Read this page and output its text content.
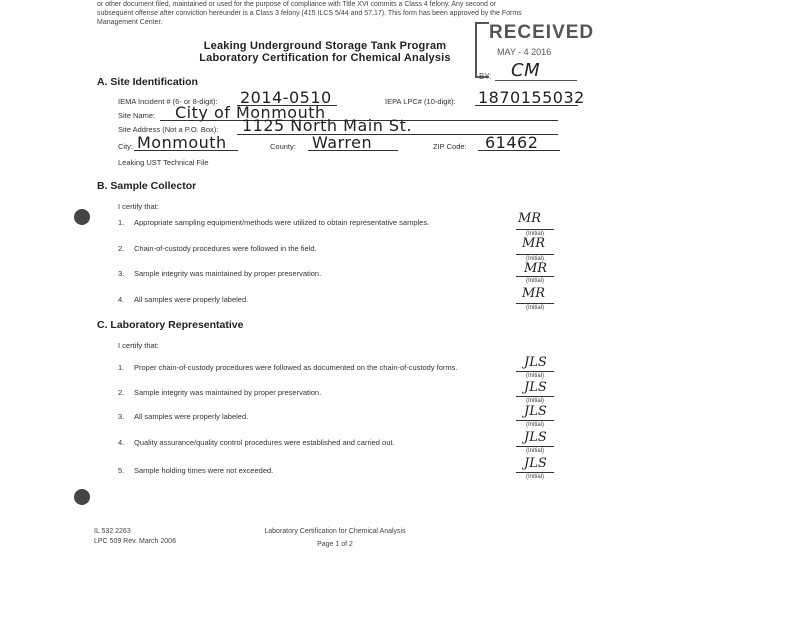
or other document filed, maintained or used for the purpose of compliance with Title XVI commits a Class 4 felony. Any second or
subsequent offense after conviction hereunder is a Class 3 felony (415 ILCS 5/44 and 57.17). This form has been approved by the Forms
Management Center.	RECEIVED
MAY - 4 2016
BY: CM
Leaking Underground Storage Tank Program
Laboratory Certification for Chemical Analysis
A. Site Identification
IEMA Incident # (6- or 8-digit): 2014-0510	IEPA LPC# (10-digit): 1870155032
Site Name: City of Monmouth
Site Address (Not a P.O. Box): 1125 North Main St.
City: Monmouth	County: Warren	ZIP Code: 61462
Leaking UST Technical File
B. Sample Collector
I certify that:
1. Appropriate sampling equipment/methods were utilized to obtain representative samples.	MR
(Initial)
2. Chain-of-custody procedures were followed in the field.	MR
(Initial)
3. Sample integrity was maintained by proper preservation.	MR
(Initial)
4. All samples were properly labeled.	MR
(Initial)
C. Laboratory Representative
I certify that:
1. Proper chain-of-custody procedures were followed as documented on the chain-of-custody forms.	JLS
(Initial)
2. Sample integrity was maintained by proper preservation.	JLS
(Initial)
3. All samples were properly labeled.	JLS
(Initial)
4. Quality assurance/quality control procedures were established and carried out.	JLS
(Initial)
5. Sample holding times were not exceeded.	JLS
(Initial)
IL 532 2263
LPC 509 Rev. March 2006
Laboratory Certification for Chemical Analysis
Page 1 of 2
